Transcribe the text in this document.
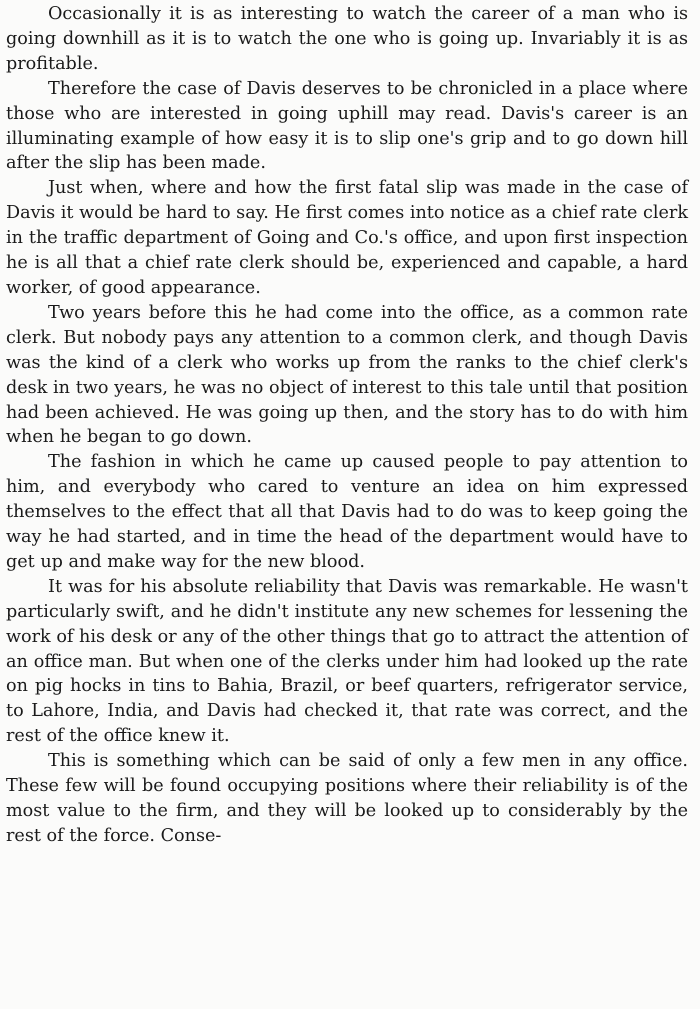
Occasionally it is as interesting to watch the career of a man who is going downhill as it is to watch the one who is going up. Invariably it is as profitable.

Therefore the case of Davis deserves to be chronicled in a place where those who are interested in going uphill may read. Davis's career is an illuminating example of how easy it is to slip one's grip and to go down hill after the slip has been made.

Just when, where and how the first fatal slip was made in the case of Davis it would be hard to say. He first comes into notice as a chief rate clerk in the traffic department of Going and Co.'s office, and upon first inspection he is all that a chief rate clerk should be, experienced and capable, a hard worker, of good appearance.

Two years before this he had come into the office, as a common rate clerk. But nobody pays any attention to a common clerk, and though Davis was the kind of a clerk who works up from the ranks to the chief clerk's desk in two years, he was no object of interest to this tale until that position had been achieved. He was going up then, and the story has to do with him when he began to go down.

The fashion in which he came up caused people to pay attention to him, and everybody who cared to venture an idea on him expressed themselves to the effect that all that Davis had to do was to keep going the way he had started, and in time the head of the department would have to get up and make way for the new blood.

It was for his absolute reliability that Davis was remarkable. He wasn't particularly swift, and he didn't institute any new schemes for lessening the work of his desk or any of the other things that go to attract the attention of an office man. But when one of the clerks under him had looked up the rate on pig hocks in tins to Bahia, Brazil, or beef quarters, refrigerator service, to Lahore, India, and Davis had checked it, that rate was correct, and the rest of the office knew it.

This is something which can be said of only a few men in any office. These few will be found occupying positions where their reliability is of the most value to the firm, and they will be looked up to considerably by the rest of the force. Conse-
